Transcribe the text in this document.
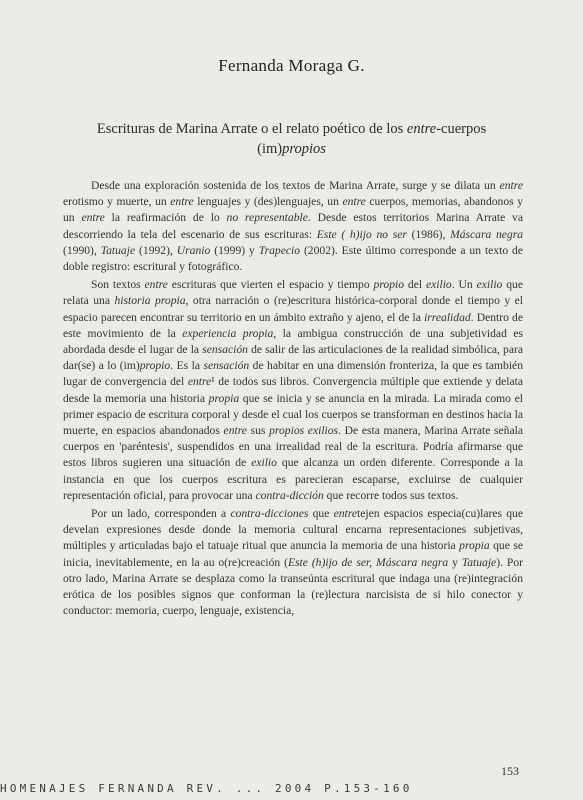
Fernanda Moraga G.
Escrituras de Marina Arrate o el relato poético de los entre-cuerpos
(im)propios

Desde una exploración sostenida de los textos de Marina Arrate, surge y se dilata un entre erotismo y muerte, un entre lenguajes y (des)lenguajes, un entre cuerpos, memorias, abandonos y un entre la reafirmación de lo no representable. Desde estos territorios Marina Arrate va descorriendo la tela del escenario de sus escrituras: Este ( h)ijo no ser (1986), Máscara negra (1990), Tatuaje (1992), Uranio (1999) y Trapecio (2002). Este último corresponde a un texto de doble registro: escritural y fotográfico.

Son textos entre escrituras que vierten el espacio y tiempo propio del exilio. Un exilio que relata una historia propia, otra narración o (re)escritura histórica-corporal donde el tiempo y el espacio parecen encontrar su territorio en un ámbito extraño y ajeno, el de la irrealidad. Dentro de este movimiento de la experiencia propia, la ambigua construcción de una subjetividad es abordada desde el lugar de la sensación de salir de las articulaciones de la realidad simbólica, para dar(se) a lo (im)propio. Es la sensación de habitar en una dimensión fronteriza, la que es también lugar de convergencia del entre¹ de todos sus libros. Convergencia múltiple que extiende y delata desde la memoria una historia propia que se inicia y se anuncia en la mirada. La mirada como el primer espacio de escritura corporal y desde el cual los cuerpos se transforman en destinos hacia la muerte, en espacios abandonados entre sus propios exilios. De esta manera, Marina Arrate señala cuerpos en 'paréntesis', suspendidos en una irrealidad real de la escritura. Podría afirmarse que estos libros sugieren una situación de exilio que alcanza un orden diferente. Corresponde a la instancia en que los cuerpos escritura es parecieran escaparse, excluirse de cualquier representación oficial, para provocar una contra-dicción que recorre todos sus textos.

Por un lado, corresponden a contra-dicciones que entretejen espacios especia(cu)lares que develan expresiones desde donde la memoria cultural encarna representaciones subjetivas, múltiples y articuladas bajo el tatuaje ritual que anuncia la memoria de una historia propia que se inicia, inevitablemente, en la au o(re)creación (Este (h)ijo de ser, Máscara negra y Tatuaje). Por otro lado, Marina Arrate se desplaza como la transeúnta escritural que indaga una (re)integración erótica de los posibles signos que conforman la (re)lectura narcisista de si hilo conector y conductor: memoria, cuerpo, lenguaje, existencia,

153
HOMENAJES FERNANDA REV. ... 2004 P.153-160
